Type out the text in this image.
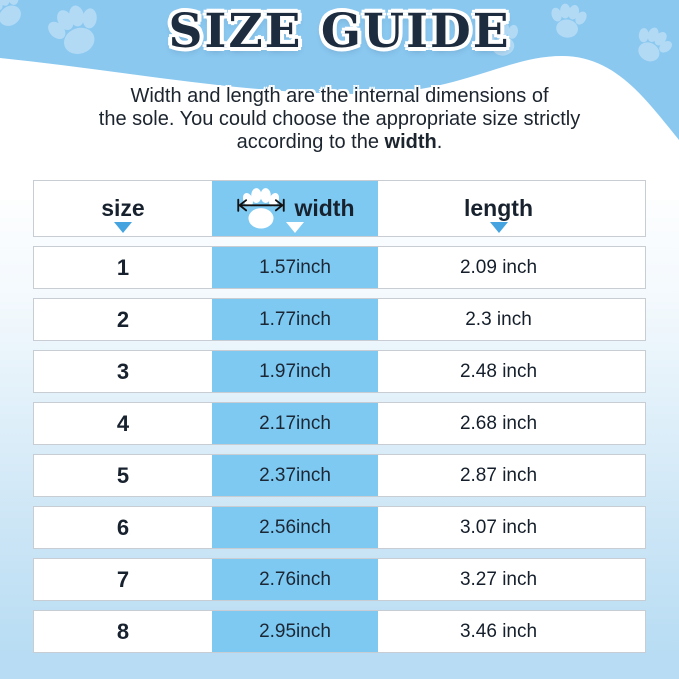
SIZE GUIDE

Width and length are the internal dimensions of
the sole. You could choose the appropriate size strictly
according to the width.

size	width	length
1	1.57inch	2.09 inch
2	1.77inch	2.3 inch
3	1.97inch	2.48 inch
4	2.17inch	2.68 inch
5	2.37inch	2.87 inch
6	2.56inch	3.07 inch
7	2.76inch	3.27 inch
8	2.95inch	3.46 inch
